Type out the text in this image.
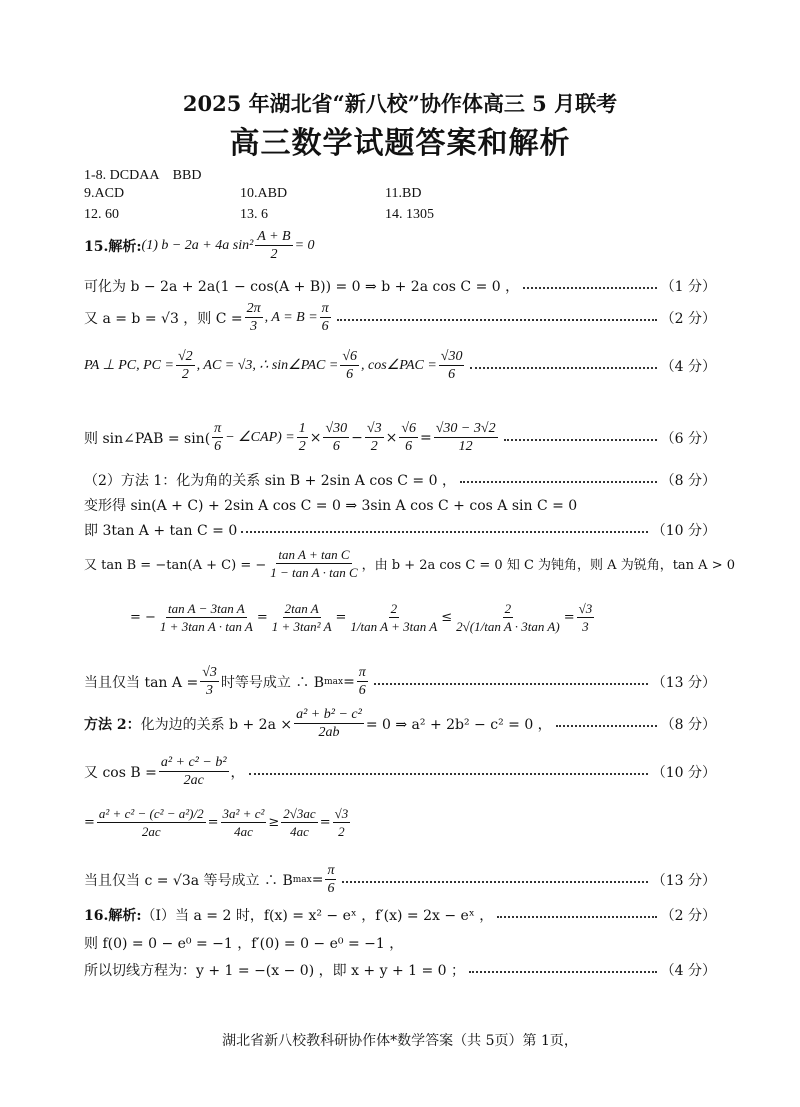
2025 年湖北省“新八校”协作体高三 5 月联考
高三数学试题答案和解析
1-8. DCDAA　BBD
9.ACD	10.ABD	11.BD
12. 60	13. 6	14. 1305
15.解析: (1) b − 2a + 4a $\sin^2 \frac{A + B}{2} = 0$
可化为 b − 2a + 2a(1 − cos(A + B)) = 0 ⇒ b + 2a cos C = 0 ，	（1 分）
又 a = b = √3 ，则 $C = \frac{2\pi}{3}$ , $A = B = \frac{\pi}{6}$	（2 分）
PA ⊥ PC, PC = $\frac{√2}{2}$ , AC = √3, ∴ sin∠PAC = $\frac{√6}{6}$ , cos∠PAC = $\frac{√30}{6}$	（4 分）
则 sin∠PAB = $\sin( \frac{\pi}{6}$ − ∠CAP) = $\frac{1}{2} \times \frac{√30}{6} - \frac{√3}{2} \times \frac{√6}{6} = \frac{√30 - 3√2}{12}$	（6 分）
（2）方法 1：化为角的关系 sin B + 2sin A cos C = 0 ，	（8 分）
变形得 sin(A + C) + 2sin A cos C = 0 ⇒ 3sin A cos C + cos A sin C = 0
即 3tan A + tan C = 0	（10 分）
又 tan B = −tan(A + C) = − $\frac{\text{tan A + tan C}}{\text{1 − tan A · tan C}}$ ，由 b + 2a cos C = 0 知 C 为钝角，则 A 为锐角，tan A > 0
= − $\frac{\text{tan A − 3tan A}}{\text{1 + 3tan A · tan A}} = \frac{\text{2tan A}}{\text{1 + 3tan² A}} = \frac{2}{\text{1/tan A + 3tan A}} \le \frac{2}{\text{2√(1/tan A · 3tan A)}} = \frac{√3}{3}$
当且仅当 $\tan A = \frac{√3}{3}$ 时等号成立 ∴ B $\max = \frac{\pi}{6}$	（13 分）
方法 2： 化为边的关系 $b + 2a \times \frac{\text{a² + b² − c²}}{2ab} = 0$ ⇒ a² + 2b² − c² = 0 ，	（8 分）
又 $\cos B = \frac{\text{a² + c² − b²}}{2ac}$ ，	（10 分）
= $\frac{\text{a² + c² − (c² − a²)/2}}{2ac} = \frac{\text{3a² + c²}}{4ac} \ge \frac{2√3ac}{4ac} = \frac{√3}{2}$
当且仅当 c = √3a 等号成立 ∴ B $\max = \frac{\pi}{6}$	（13 分）
16.解析: （I）当 a = 2 时，f(x) = x² − eˣ ，f′(x) = 2x − eˣ ，	（2 分）
则 f(0) = 0 − e⁰ = −1 ，f′(0) = 0 − e⁰ = −1 ，
所以切线方程为：y + 1 = −(x − 0) ，即 x + y + 1 = 0 ；	（4 分）
湖北省新八校教科研协作体*数学答案（共 5页）第 1页，
